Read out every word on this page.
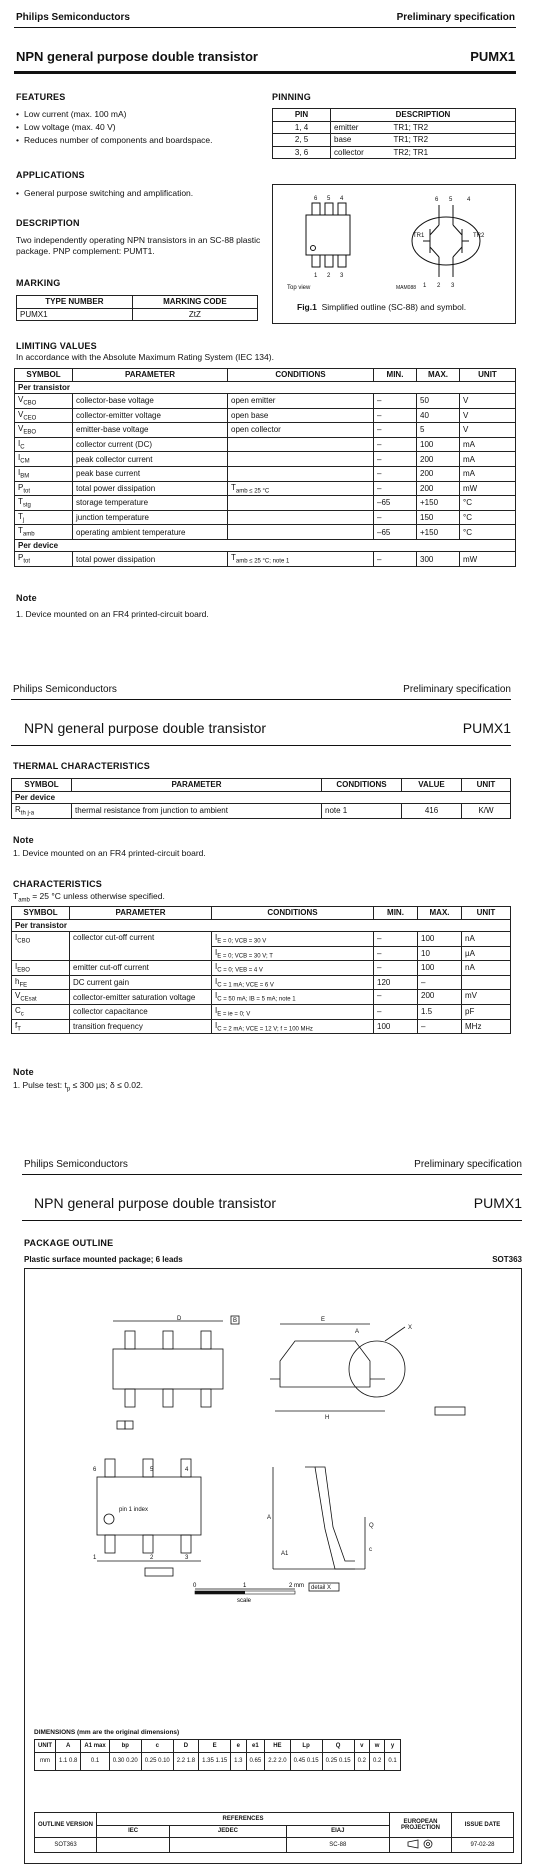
Philips Semiconductors	Preliminary specification
NPN general purpose double transistor	PUMX1
FEATURES
• Low current (max. 100 mA)
• Low voltage (max. 40 V)
• Reduces number of components and boardspace.
APPLICATIONS
• General purpose switching and amplification.
DESCRIPTION
Two independently operating NPN transistors in an SC-88 plastic package. PNP complement: PUMT1.
MARKING
TYPE NUMBER	MARKING CODE
PUMX1	ZtZ
PINNING
PIN	DESCRIPTION	
1, 4	emitter	TR1; TR2
2, 5	base	TR1; TR2
3, 6	collector	TR2; TR1
6 5 4
1 2 3
6 5 4
1 2 3
Top view	MAM088
TR1	TR2
Fig.1 Simplified outline (SC-88) and symbol.
LIMITING VALUES
In accordance with the Absolute Maximum Rating System (IEC 134).
SYMBOL	PARAMETER	CONDITIONS	MIN.	MAX.	UNIT
Per transistor					
$V_{CBO}$	collector-base voltage	open emitter	–	50	V
$V_{CEO}$	collector-emitter voltage	open base	–	40	V
$V_{EBO}$	emitter-base voltage	open collector	–	5	V
$I_C$	collector current (DC)		–	100	mA
$I_{CM}$	peak collector current		–	200	mA
$I_{BM}$	peak base current		–	200	mA
$P_{tot}$	total power dissipation	$T_{amb \le 25 ^\circ C}$	–	200	mW
$T_{stg}$	storage temperature		–65	+150	°C
$T_j$	junction temperature		–	150	°C
$T_{amb}$	operating ambient temperature		–65	+150	°C
Per device					
$P_{tot}$	total power dissipation	$T_{amb \le 25 ^\circ C; note 1}$	–	300	mW
Note
1. Device mounted on an FR4 printed-circuit board.
Philips Semiconductors	Preliminary specification
NPN general purpose double transistor	PUMX1
THERMAL CHARACTERISTICS
SYMBOL	PARAMETER	CONDITIONS	VALUE	UNIT
Per device				
$R_{th j-a}$	thermal resistance from junction to ambient	note 1	416	K/W
Note
1. Device mounted on an FR4 printed-circuit board.
CHARACTERISTICS
$T_{amb} = 25$ °C unless otherwise specified.
SYMBOL	PARAMETER	CONDITIONS	MIN.	MAX.	UNIT
Per transistor					
$I_{CBO}$	collector cut-off current	$I_{E = 0; VCB = 30 V}$	–	100	nA
		$I_{E = 0; VCB = 30 V; T}$	–	10	µA
$I_{EBO}$	emitter cut-off current	$I_{C = 0; VEB = 4 V}$	–	100	nA
$h_{FE}$	DC current gain	$I_{C = 1 mA; VCE = 6 V}$	120	–	
$V_{CEsat}$	collector-emitter saturation voltage	$I_{C = 50 mA; IB = 5 mA; note 1}$	–	200	mV
$C_c$	collector capacitance	$I_{E = ie = 0; V}$	–	1.5	pF
$f_T$	transition frequency	$I_{C = 2 mA; VCE = 12 V; f = 100 MHz}$	100	–	MHz
Note
1. Pulse test: $t_p \le 300$ µs; δ ≤ 0.02.
Philips Semiconductors	Preliminary specification
NPN general purpose double transistor	PUMX1
PACKAGE OUTLINE
Plastic surface mounted package; 6 leads	SOT363
B
A
X
D	E
H
6	5	4
1	2	3
pin 1 index
A
A1
Q
c
detail X
0	1	2 mm
scale
DIMENSIONS (mm are the original dimensions)
UNIT	A	A1 max	bp	c	D	E	e	e1	HE	Lp	Q	v	w	y
mm	1.1 0.8	0.1	0.30 0.20	0.25 0.10	2.2 1.8	1.35 1.15	1.3	0.65	2.2 2.0	0.45 0.15	0.25 0.15	0.2	0.2	0.1
OUTLINE VERSION	REFERENCES			EUROPEAN PROJECTION	ISSUE DATE
	IEC	JEDEC	EIAJ		
SOT363			SC-88		97-02-28
